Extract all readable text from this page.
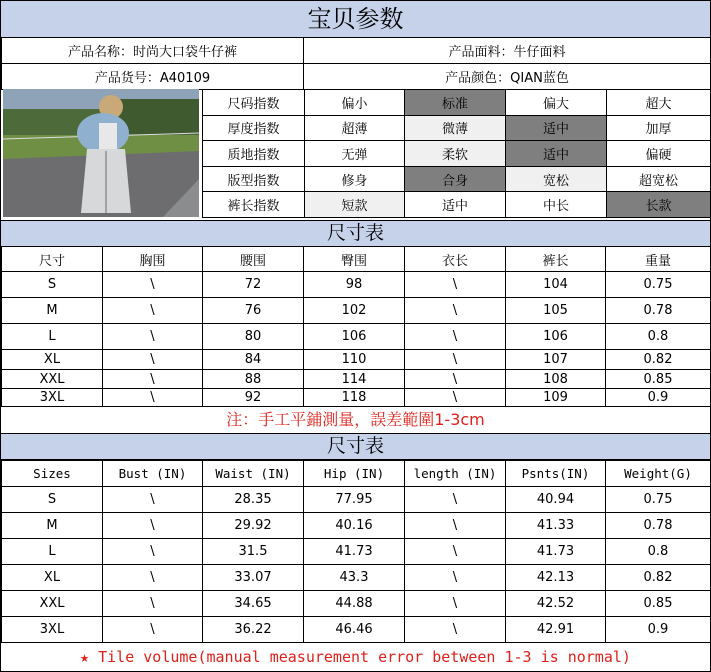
宝贝参数
产品名称：时尚大口袋牛仔裤	产品面料：牛仔面料
产品货号：A40109	产品颜色：QIAN蓝色
尺码指数	偏小	标准	偏大	超大
厚度指数	超薄	微薄	适中	加厚
质地指数	无弹	柔软	适中	偏硬
版型指数	修身	合身	宽松	超宽松
裤长指数	短款	适中	中长	长款
尺寸表
尺寸	胸围	腰围	臀围	衣长	裤长	重量
S	\	72	98	\	104	0.75
M	\	76	102	\	105	0.78
L	\	80	106	\	106	0.8
XL	\	84	110	\	107	0.82
XXL	\	88	114	\	108	0.85
3XL	\	92	118	\	109	0.9
注：手工平鋪測量，誤差範圍1-3cm
尺寸表
Sizes	Bust (IN)	Waist (IN)	Hip (IN)	length (IN)	Psnts(IN)	Weight(G)
S	\	28.35	77.95	\	40.94	0.75
M	\	29.92	40.16	\	41.33	0.78
L	\	31.5	41.73	\	41.73	0.8
XL	\	33.07	43.3	\	42.13	0.82
XXL	\	34.65	44.88	\	42.52	0.85
3XL	\	36.22	46.46	\	42.91	0.9
★ Tile volume(manual measurement error between 1-3 is normal)
